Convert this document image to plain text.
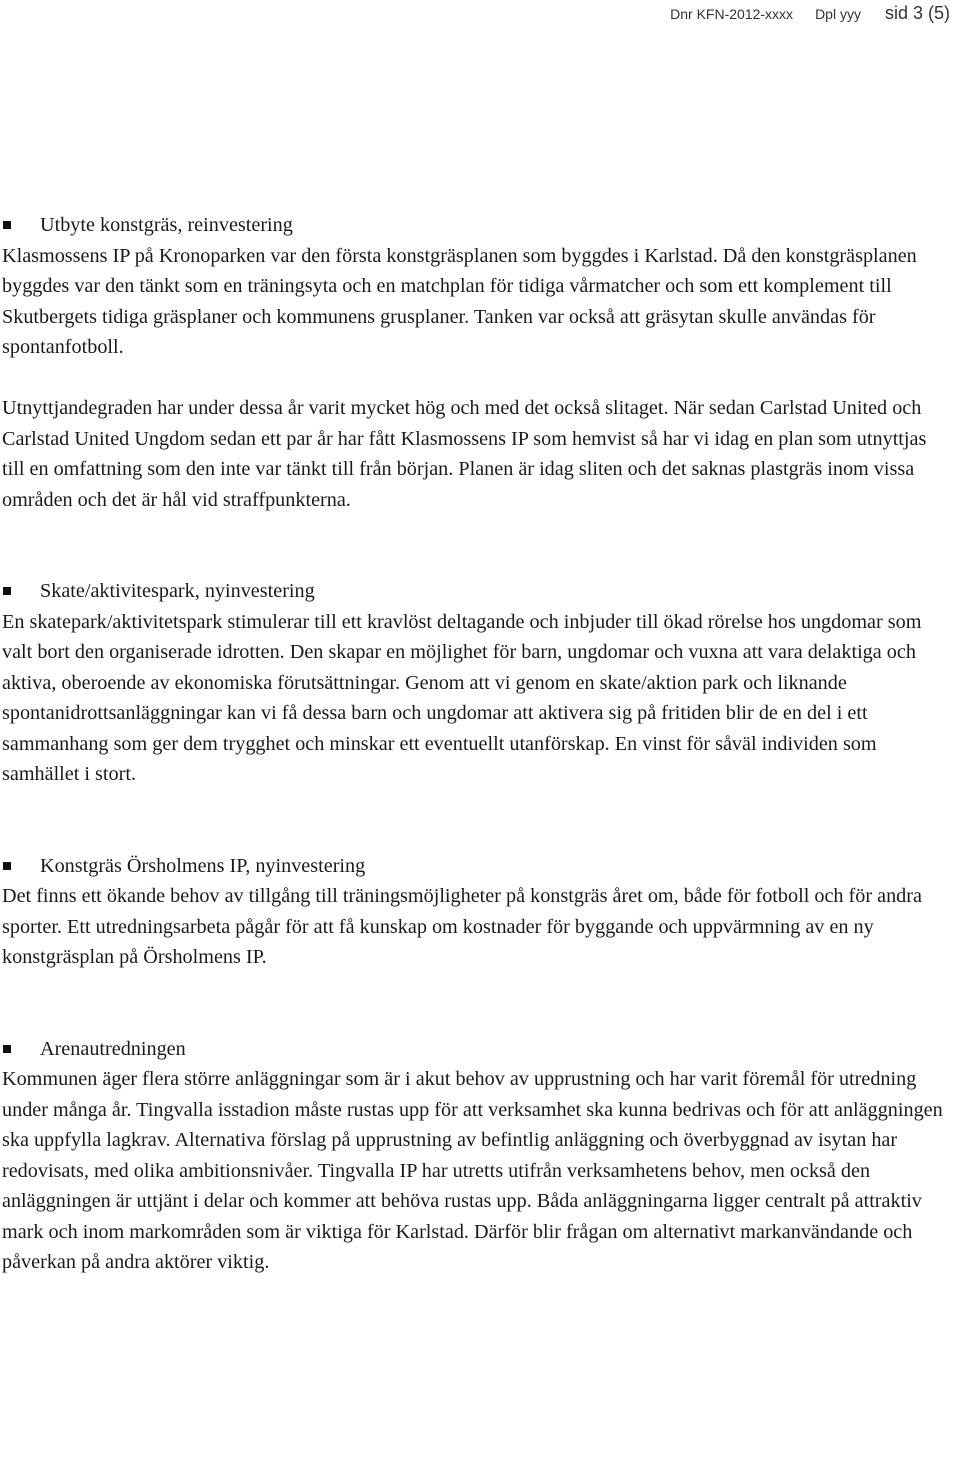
Dnr KFN-2012-xxxx Dpl yyy sid 3 (5)
Utbyte konstgräs, reinvestering

Klasmossens IP på Kronoparken var den första konstgräsplanen som byggdes i Karlstad. Då den konstgräsplanen byggdes var den tänkt som en träningsyta och en matchplan för tidiga vårmatcher och som ett komplement till Skutbergets tidiga gräsplaner och kommunens grusplaner. Tanken var också att gräsytan skulle användas för spontanfotboll.

Utnyttjandegraden har under dessa år varit mycket hög och med det också slitaget. När sedan Carlstad United och Carlstad United Ungdom sedan ett par år har fått Klasmossens IP som hemvist så har vi idag en plan som utnyttjas till en omfattning som den inte var tänkt till från början. Planen är idag sliten och det saknas plastgräs inom vissa områden och det är hål vid straffpunkterna.

Skate/aktivitespark, nyinvestering

En skatepark/aktivitetspark stimulerar till ett kravlöst deltagande och inbjuder till ökad rörelse hos ungdomar som valt bort den organiserade idrotten. Den skapar en möjlighet för barn, ungdomar och vuxna att vara delaktiga och aktiva, oberoende av ekonomiska förutsättningar. Genom att vi genom en skate/aktion park och liknande spontanidrottsanläggningar kan vi få dessa barn och ungdomar att aktivera sig på fritiden blir de en del i ett sammanhang som ger dem trygghet och minskar ett eventuellt utanförskap. En vinst för såväl individen som samhället i stort.

Konstgräs Örsholmens IP, nyinvestering

Det finns ett ökande behov av tillgång till träningsmöjligheter på konstgräs året om, både för fotboll och för andra sporter. Ett utredningsarbeta pågår för att få kunskap om kostnader för byggande och uppvärmning av en ny konstgräsplan på Örsholmens IP.

Arenautredningen

Kommunen äger flera större anläggningar som är i akut behov av upprustning och har varit föremål för utredning under många år. Tingvalla isstadion måste rustas upp för att verksamhet ska kunna bedrivas och för att anläggningen ska uppfylla lagkrav. Alternativa förslag på upprustning av befintlig anläggning och överbyggnad av isytan har redovisats, med olika ambitionsnivåer. Tingvalla IP har utretts utifrån verksamhetens behov, men också den anläggningen är uttjänt i delar och kommer att behöva rustas upp. Båda anläggningarna ligger centralt på attraktiv mark och inom markområden som är viktiga för Karlstad. Därför blir frågan om alternativt markanvändande och påverkan på andra aktörer viktig.
